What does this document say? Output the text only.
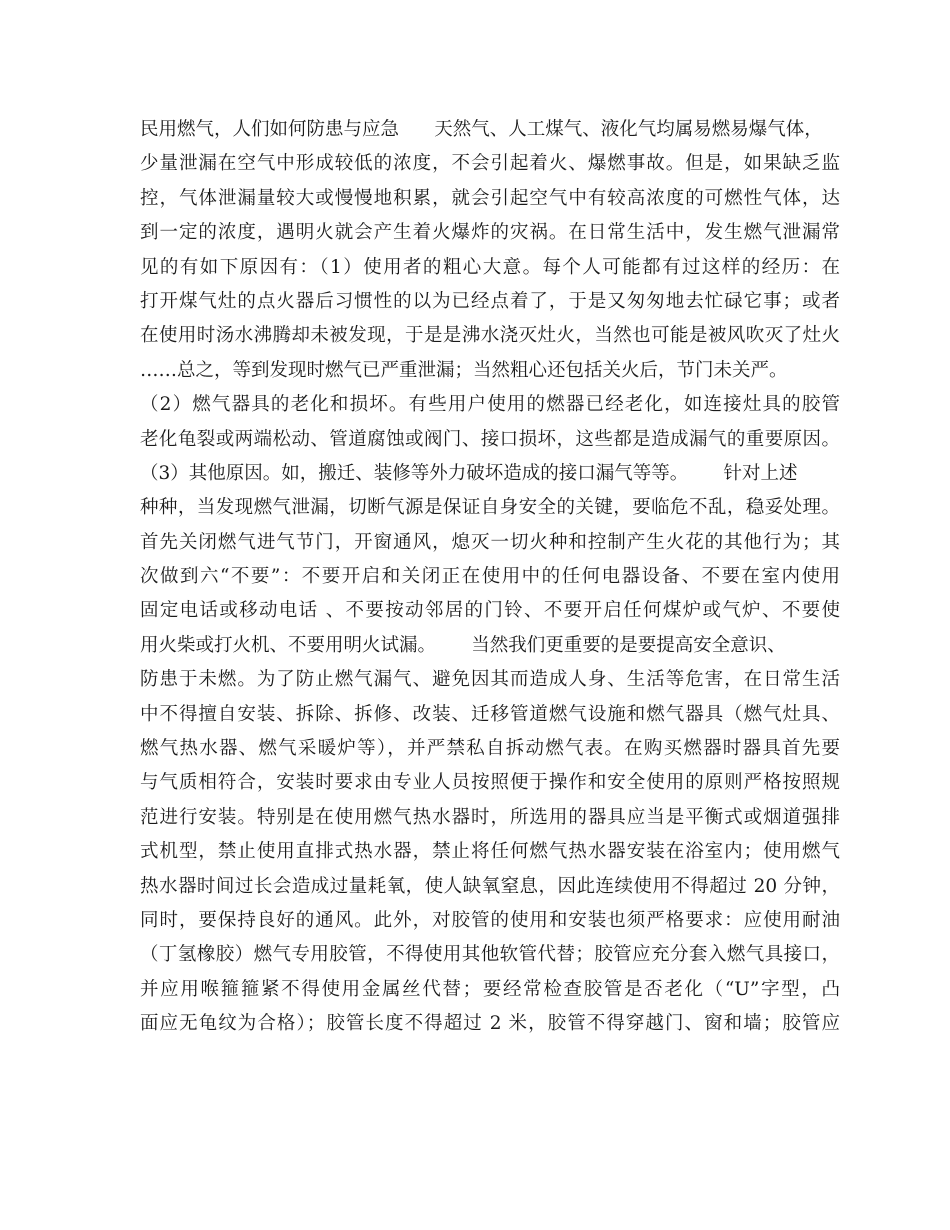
民用燃气，人们如何防患与应急      天然气、人工煤气、液化气均属易燃易爆气体，
少量泄漏在空气中形成较低的浓度，不会引起着火、爆燃事故。但是，如果缺乏监
控，气体泄漏量较大或慢慢地积累，就会引起空气中有较高浓度的可燃性气体，达
到一定的浓度，遇明火就会产生着火爆炸的灾祸。在日常生活中，发生燃气泄漏常
见的有如下原因有：（1）使用者的粗心大意。每个人可能都有过这样的经历：在
打开煤气灶的点火器后习惯性的以为已经点着了，于是又匆匆地去忙碌它事；或者
在使用时汤水沸腾却未被发现，于是是沸水浇灭灶火，当然也可能是被风吹灭了灶火
……总之，等到发现时燃气已严重泄漏；当然粗心还包括关火后，节门未关严。
（2）燃气器具的老化和损坏。有些用户使用的燃器已经老化，如连接灶具的胶管
老化龟裂或两端松动、管道腐蚀或阀门、接口损坏，这些都是造成漏气的重要原因。
（3）其他原因。如，搬迁、装修等外力破坏造成的接口漏气等等。      针对上述
种种，当发现燃气泄漏，切断气源是保证自身安全的关键，要临危不乱，稳妥处理。
首先关闭燃气进气节门，开窗通风，熄灭一切火种和控制产生火花的其他行为；其
次做到六“不要”：不要开启和关闭正在使用中的任何电器设备、不要在室内使用
固定电话或移动电话 、不要按动邻居的门铃、不要开启任何煤炉或气炉、不要使
用火柴或打火机、不要用明火试漏。      当然我们更重要的是要提高安全意识、
防患于未燃。为了防止燃气漏气、避免因其而造成人身、生活等危害，在日常生活
中不得擅自安装、拆除、拆修、改装、迁移管道燃气设施和燃气器具（燃气灶具、
燃气热水器、燃气采暖炉等），并严禁私自拆动燃气表。在购买燃器时器具首先要
与气质相符合，安装时要求由专业人员按照便于操作和安全使用的原则严格按照规
范进行安装。特别是在使用燃气热水器时，所选用的器具应当是平衡式或烟道强排
式机型，禁止使用直排式热水器，禁止将任何燃气热水器安装在浴室内；使用燃气
热水器时间过长会造成过量耗氧，使人缺氧窒息，因此连续使用不得超过 20 分钟，
同时，要保持良好的通风。此外，对胶管的使用和安装也须严格要求：应使用耐油
（丁氢橡胶）燃气专用胶管，不得使用其他软管代替；胶管应充分套入燃气具接口，
并应用喉箍箍紧不得使用金属丝代替；要经常检查胶管是否老化（“U”字型，凸
面应无龟纹为合格）；胶管长度不得超过 2 米，胶管不得穿越门、窗和墙；胶管应
